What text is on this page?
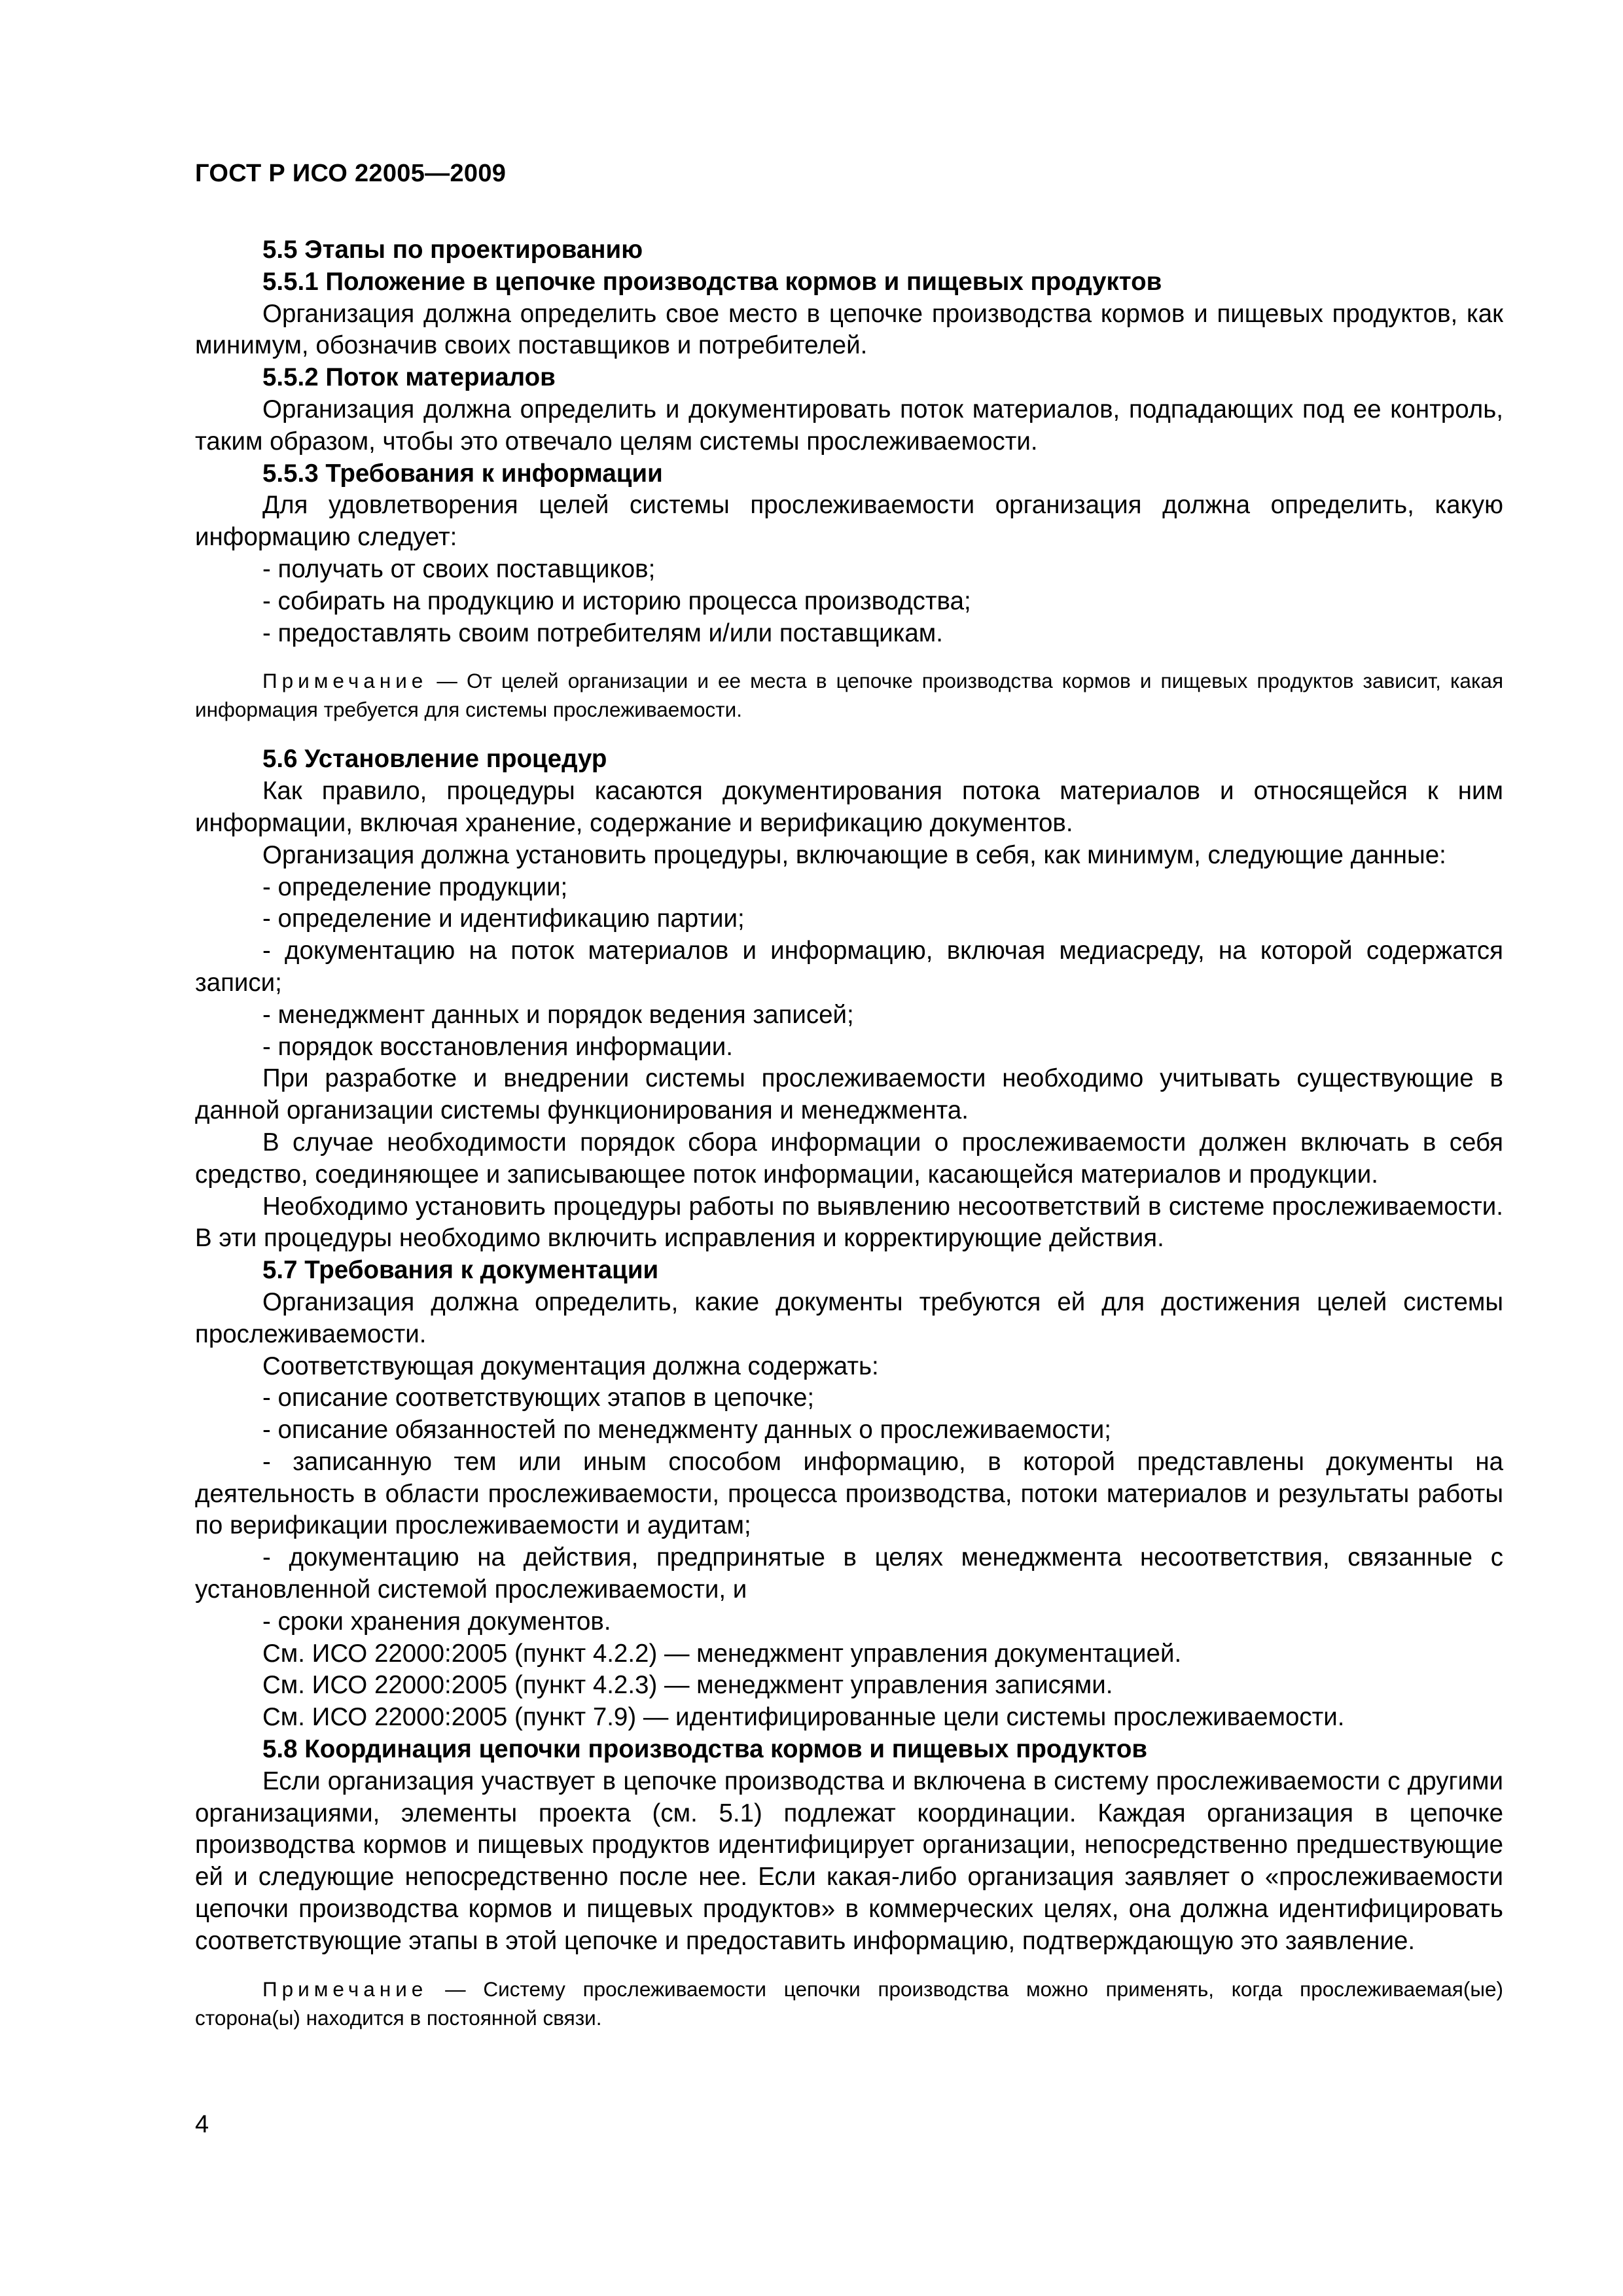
ГОСТ Р ИСО 22005—2009

5.5 Этапы по проектированию

5.5.1 Положение в цепочке производства кормов и пищевых продуктов

Организация должна определить свое место в цепочке производства кормов и пищевых продуктов, как минимум, обозначив своих поставщиков и потребителей.

5.5.2 Поток материалов

Организация должна определить и документировать поток материалов, подпадающих под ее контроль, таким образом, чтобы это отвечало целям системы прослеживаемости.

5.5.3 Требования к информации

Для удовлетворения целей системы прослеживаемости организация должна определить, какую информацию следует:

- получать от своих поставщиков;

- собирать на продукцию и историю процесса производства;

- предоставлять своим потребителям и/или поставщикам.

Примечание — От целей организации и ее места в цепочке производства кормов и пищевых продуктов зависит, какая информация требуется для системы прослеживаемости.

5.6 Установление процедур

Как правило, процедуры касаются документирования потока материалов и относящейся к ним информации, включая хранение, содержание и верификацию документов.

Организация должна установить процедуры, включающие в себя, как минимум, следующие данные:

- определение продукции;

- определение и идентификацию партии;

- документацию на поток материалов и информацию, включая медиасреду, на которой содержатся записи;

- менеджмент данных и порядок ведения записей;

- порядок восстановления информации.

При разработке и внедрении системы прослеживаемости необходимо учитывать существующие в данной организации системы функционирования и менеджмента.

В случае необходимости порядок сбора информации о прослеживаемости должен включать в себя средство, соединяющее и записывающее поток информации, касающейся материалов и продукции.

Необходимо установить процедуры работы по выявлению несоответствий в системе прослеживаемости. В эти процедуры необходимо включить исправления и корректирующие действия.

5.7 Требования к документации

Организация должна определить, какие документы требуются ей для достижения целей системы прослеживаемости.

Соответствующая документация должна содержать:

- описание соответствующих этапов в цепочке;

- описание обязанностей по менеджменту данных о прослеживаемости;

- записанную тем или иным способом информацию, в которой представлены документы на деятельность в области прослеживаемости, процесса производства, потоки материалов и результаты работы по верификации прослеживаемости и аудитам;

- документацию на действия, предпринятые в целях менеджмента несоответствия, связанные с установленной системой прослеживаемости, и

- сроки хранения документов.

См. ИСО 22000:2005 (пункт 4.2.2) — менеджмент управления документацией.

См. ИСО 22000:2005 (пункт 4.2.3) — менеджмент управления записями.

См. ИСО 22000:2005 (пункт 7.9) — идентифицированные цели системы прослеживаемости.

5.8 Координация цепочки производства кормов и пищевых продуктов

Если организация участвует в цепочке производства и включена в систему прослеживаемости с другими организациями, элементы проекта (см. 5.1) подлежат координации. Каждая организация в цепочке производства кормов и пищевых продуктов идентифицирует организации, непосредственно предшествующие ей и следующие непосредственно после нее. Если какая-либо организация заявляет о «прослеживаемости цепочки производства кормов и пищевых продуктов» в коммерческих целях, она должна идентифицировать соответствующие этапы в этой цепочке и предоставить информацию, подтверждающую это заявление.

Примечание — Систему прослеживаемости цепочки производства можно применять, когда прослеживаемая(ые) сторона(ы) находится в постоянной связи.

4
